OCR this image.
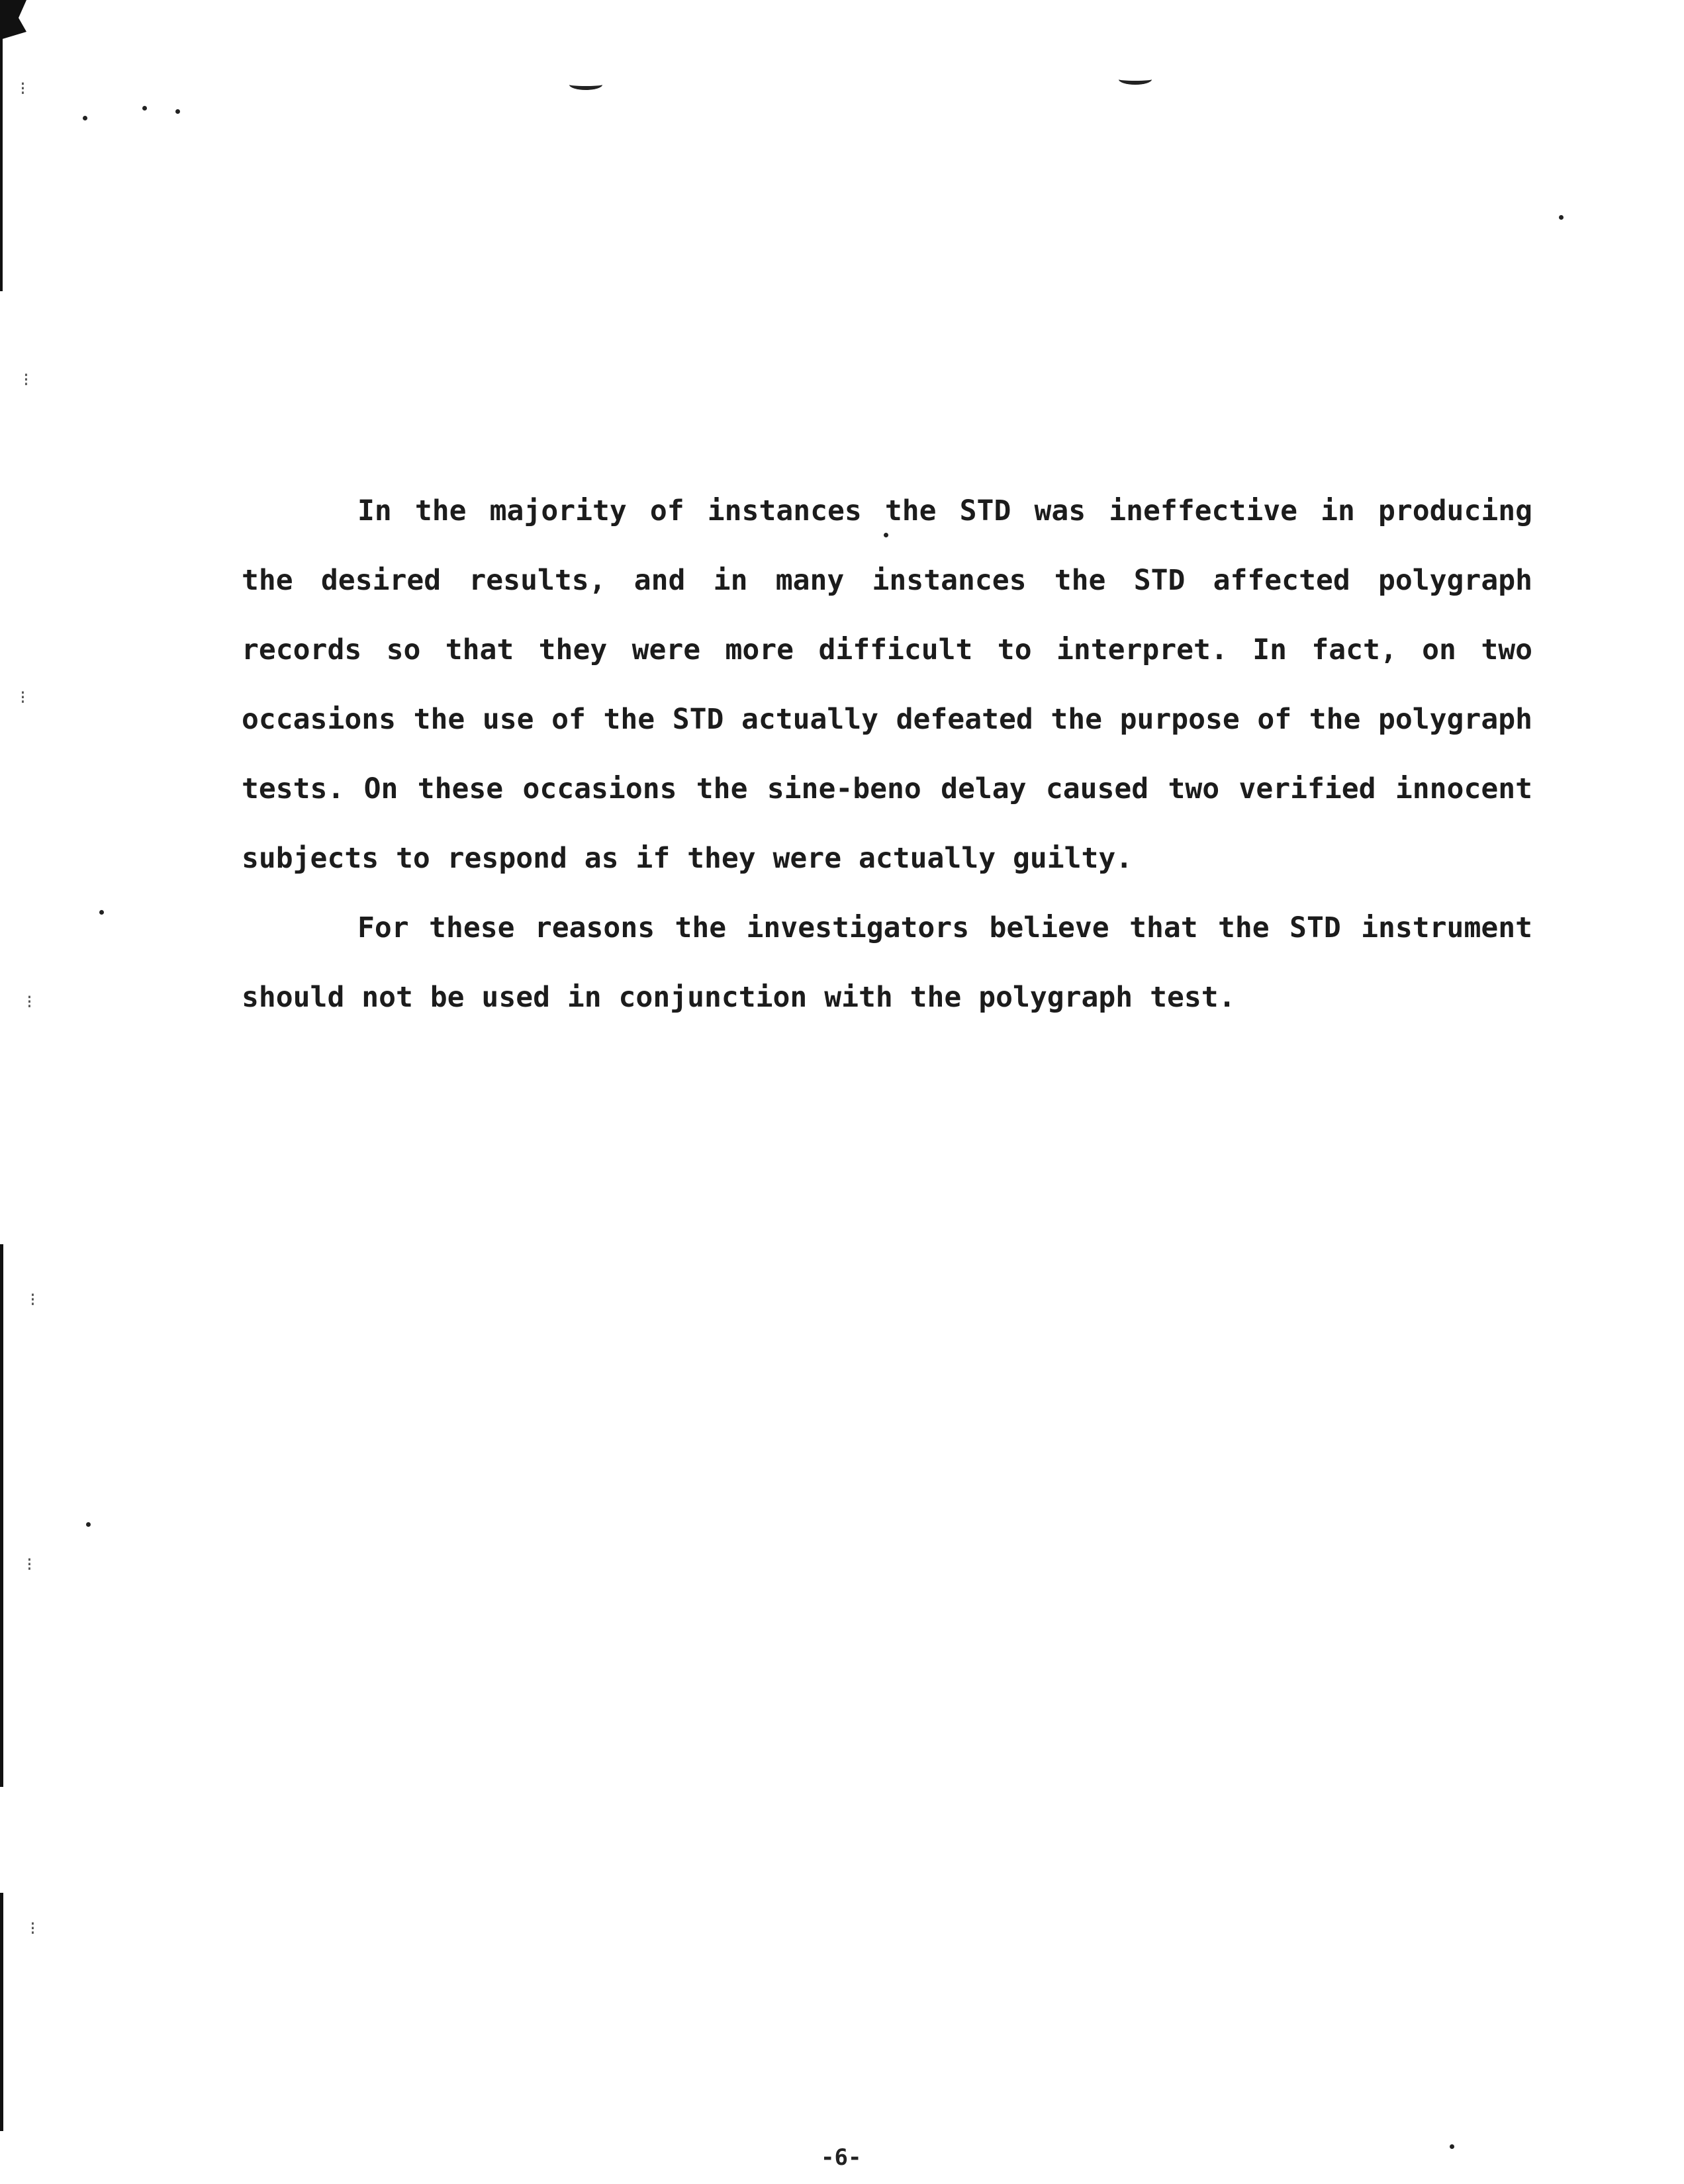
⁝
⁝
⁝
⁝
⁝
⁝
⁝

In the majority of instances the STD was ineffective in producing the desired results, and in many instances the STD affected polygraph records so that they were more difficult to interpret. In fact, on two occasions the use of the STD actually defeated the purpose of the polygraph tests. On these occasions the sine-beno delay caused two verified innocent subjects to respond as if they were actually guilty.

For these reasons the investigators believe that the STD instrument should not be used in conjunction with the polygraph test.

-6-
